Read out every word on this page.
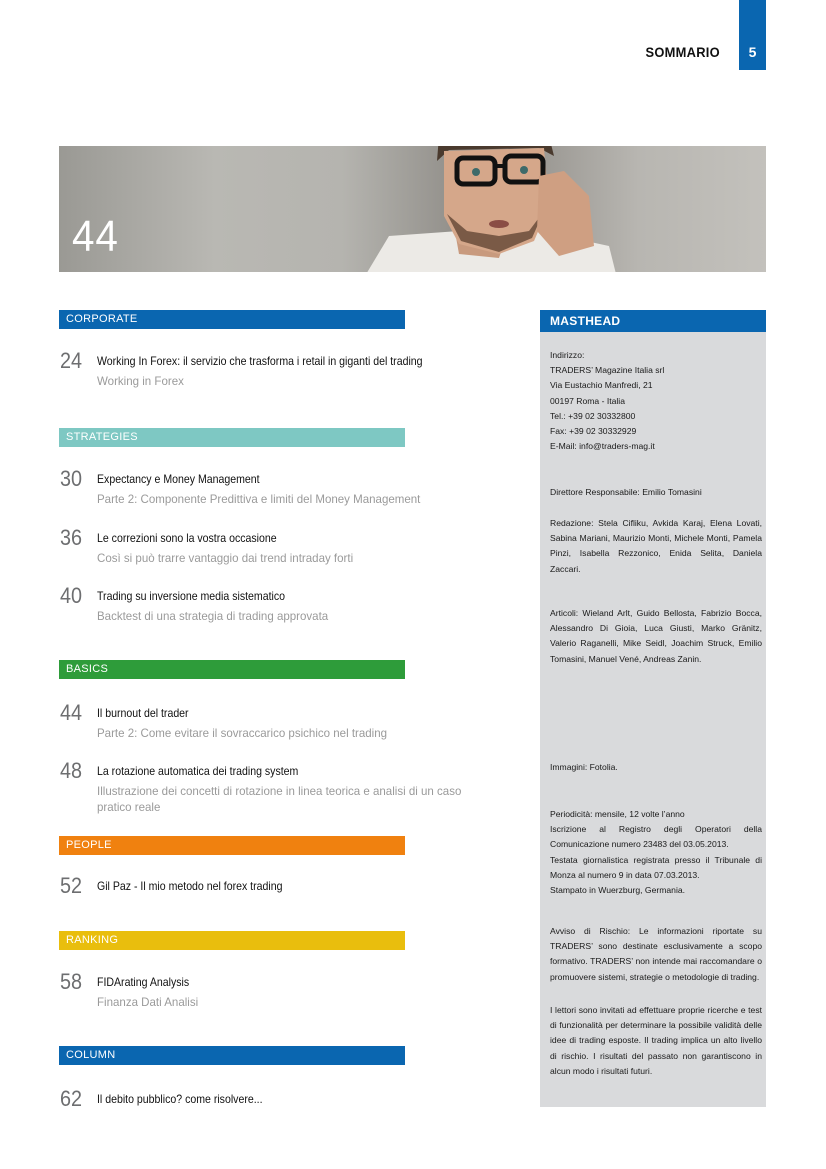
SOMMARIO	5
44
CORPORATE
24 Working In Forex: il servizio che trasforma i retail in giganti del trading
Working in Forex
STRATEGIES
30 Expectancy e Money Management
Parte 2: Componente Predittiva e limiti del Money Management
36 Le correzioni sono la vostra occasione
Così si può trarre vantaggio dai trend intraday forti
40 Trading su inversione media sistematico
Backtest di una strategia di trading approvata
BASICS
44 Il burnout del trader
Parte 2: Come evitare il sovraccarico psichico nel trading
48 La rotazione automatica dei trading system
Illustrazione dei concetti di rotazione in linea teorica e analisi di un caso pratico reale
PEOPLE
52 Gil Paz - Il mio metodo nel forex trading
RANKING
58 FIDArating Analysis
Finanza Dati Analisi
COLUMN
62 Il debito pubblico? come risolvere...
MASTHEAD
Indirizzo:
TRADERS’ Magazine Italia srl
Via Eustachio Manfredi, 21
00197 Roma - Italia
Tel.: +39 02 30332800
Fax: +39 02 30332929
E-Mail: info@traders-mag.it
Direttore Responsabile: Emilio Tomasini
Redazione: Stela Cifliku, Avkida Karaj, Elena Lovati, Sabina Mariani, Maurizio Monti, Michele Monti, Pamela Pinzi, Isabella Rezzonico, Enida Selita, Daniela Zaccari.
Articoli: Wieland Arlt, Guido Bellosta, Fabrizio Bocca, Alessandro Di Gioia, Luca Giusti, Marko Gränitz, Valerio Raganelli, Mike Seidl, Joachim Struck, Emilio Tomasini, Manuel Vené, Andreas Zanin.
Immagini: Fotolia.
Periodicità: mensile, 12 volte l’anno
Iscrizione al Registro degli Operatori della Comunicazione numero 23483 del 03.05.2013.
Testata giornalistica registrata presso il Tribunale di Monza al numero 9 in data 07.03.2013.
Stampato in Wuerzburg, Germania.
Avviso di Rischio: Le informazioni riportate su TRADERS’ sono destinate esclusivamente a scopo formativo. TRADERS’ non intende mai raccomandare o promuovere sistemi, strategie o metodologie di trading.
I lettori sono invitati ad effettuare proprie ricerche e test di funzionalità per determinare la possibile validità delle idee di trading esposte. Il trading implica un alto livello di rischio. I risultati del passato non garantiscono in alcun modo i risultati futuri.
